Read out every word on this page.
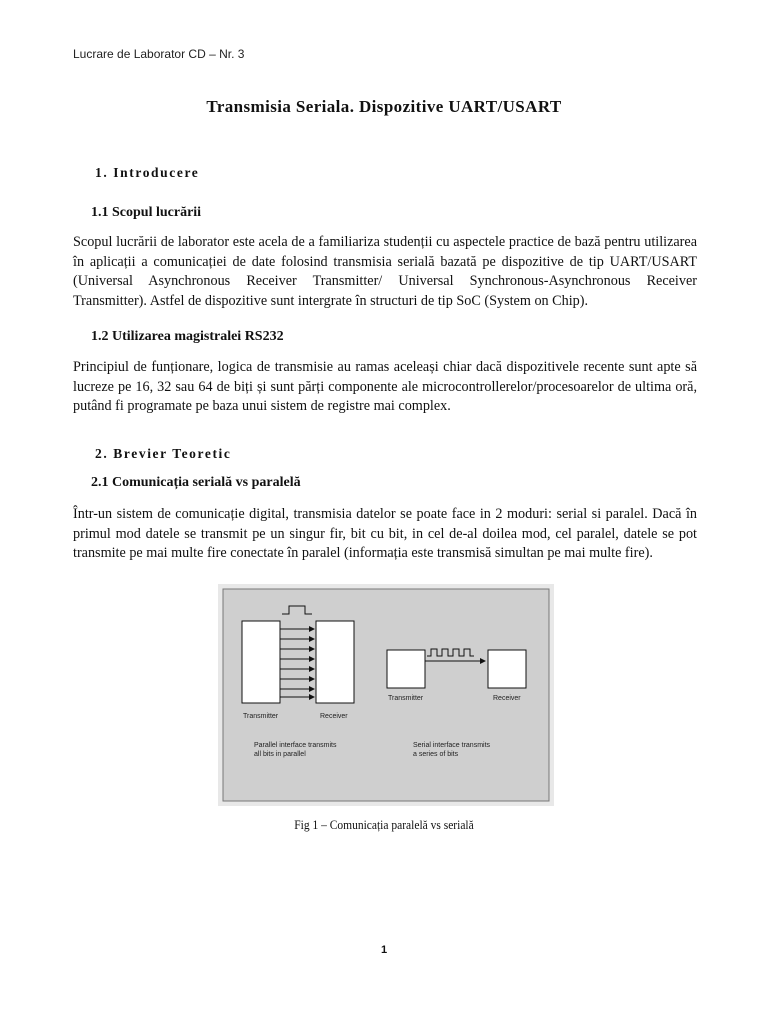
Lucrare de Laborator CD – Nr. 3
Transmisia Seriala. Dispozitive UART/USART
1. Introducere
1.1 Scopul lucrării

Scopul lucrării de laborator este acela de a familiariza studenții cu aspectele practice de bază pentru utilizarea în aplicații a comunicației de date folosind transmisia serială bazată pe dispozitive de tip UART/USART (Universal Asynchronous Receiver Transmitter/ Universal Synchronous-Asynchronous Receiver Transmitter). Astfel de dispozitive sunt intergrate în structuri de tip SoC (System on Chip).

1.2 Utilizarea magistralei RS232

Principiul de funționare, logica de transmisie au ramas aceleași chiar dacă dispozitivele recente sunt apte să lucreze pe 16, 32 sau 64 de biți și sunt părți componente ale microcontrollerelor/procesoarelor de ultima oră, putând fi programate pe baza unui sistem de registre mai complex.

2. Brevier Teoretic
2.1 Comunicația serială vs paralelă

Într-un sistem de comunicație digital, transmisia datelor se poate face in 2 moduri: serial si paralel. Dacă în primul mod datele se transmit pe un singur fir, bit cu bit, in cel de-al doilea mod, cel paralel, datele se pot transmite pe mai multe fire conectate în paralel (informația este transmisă simultan pe mai multe fire).

Transmitter	Receiver
Parallel interface transmits
all bits in parallel
Transmitter	Receiver
Serial interface transmits
a series of bits
Fig 1 – Comunicația paralelă vs serială
1
